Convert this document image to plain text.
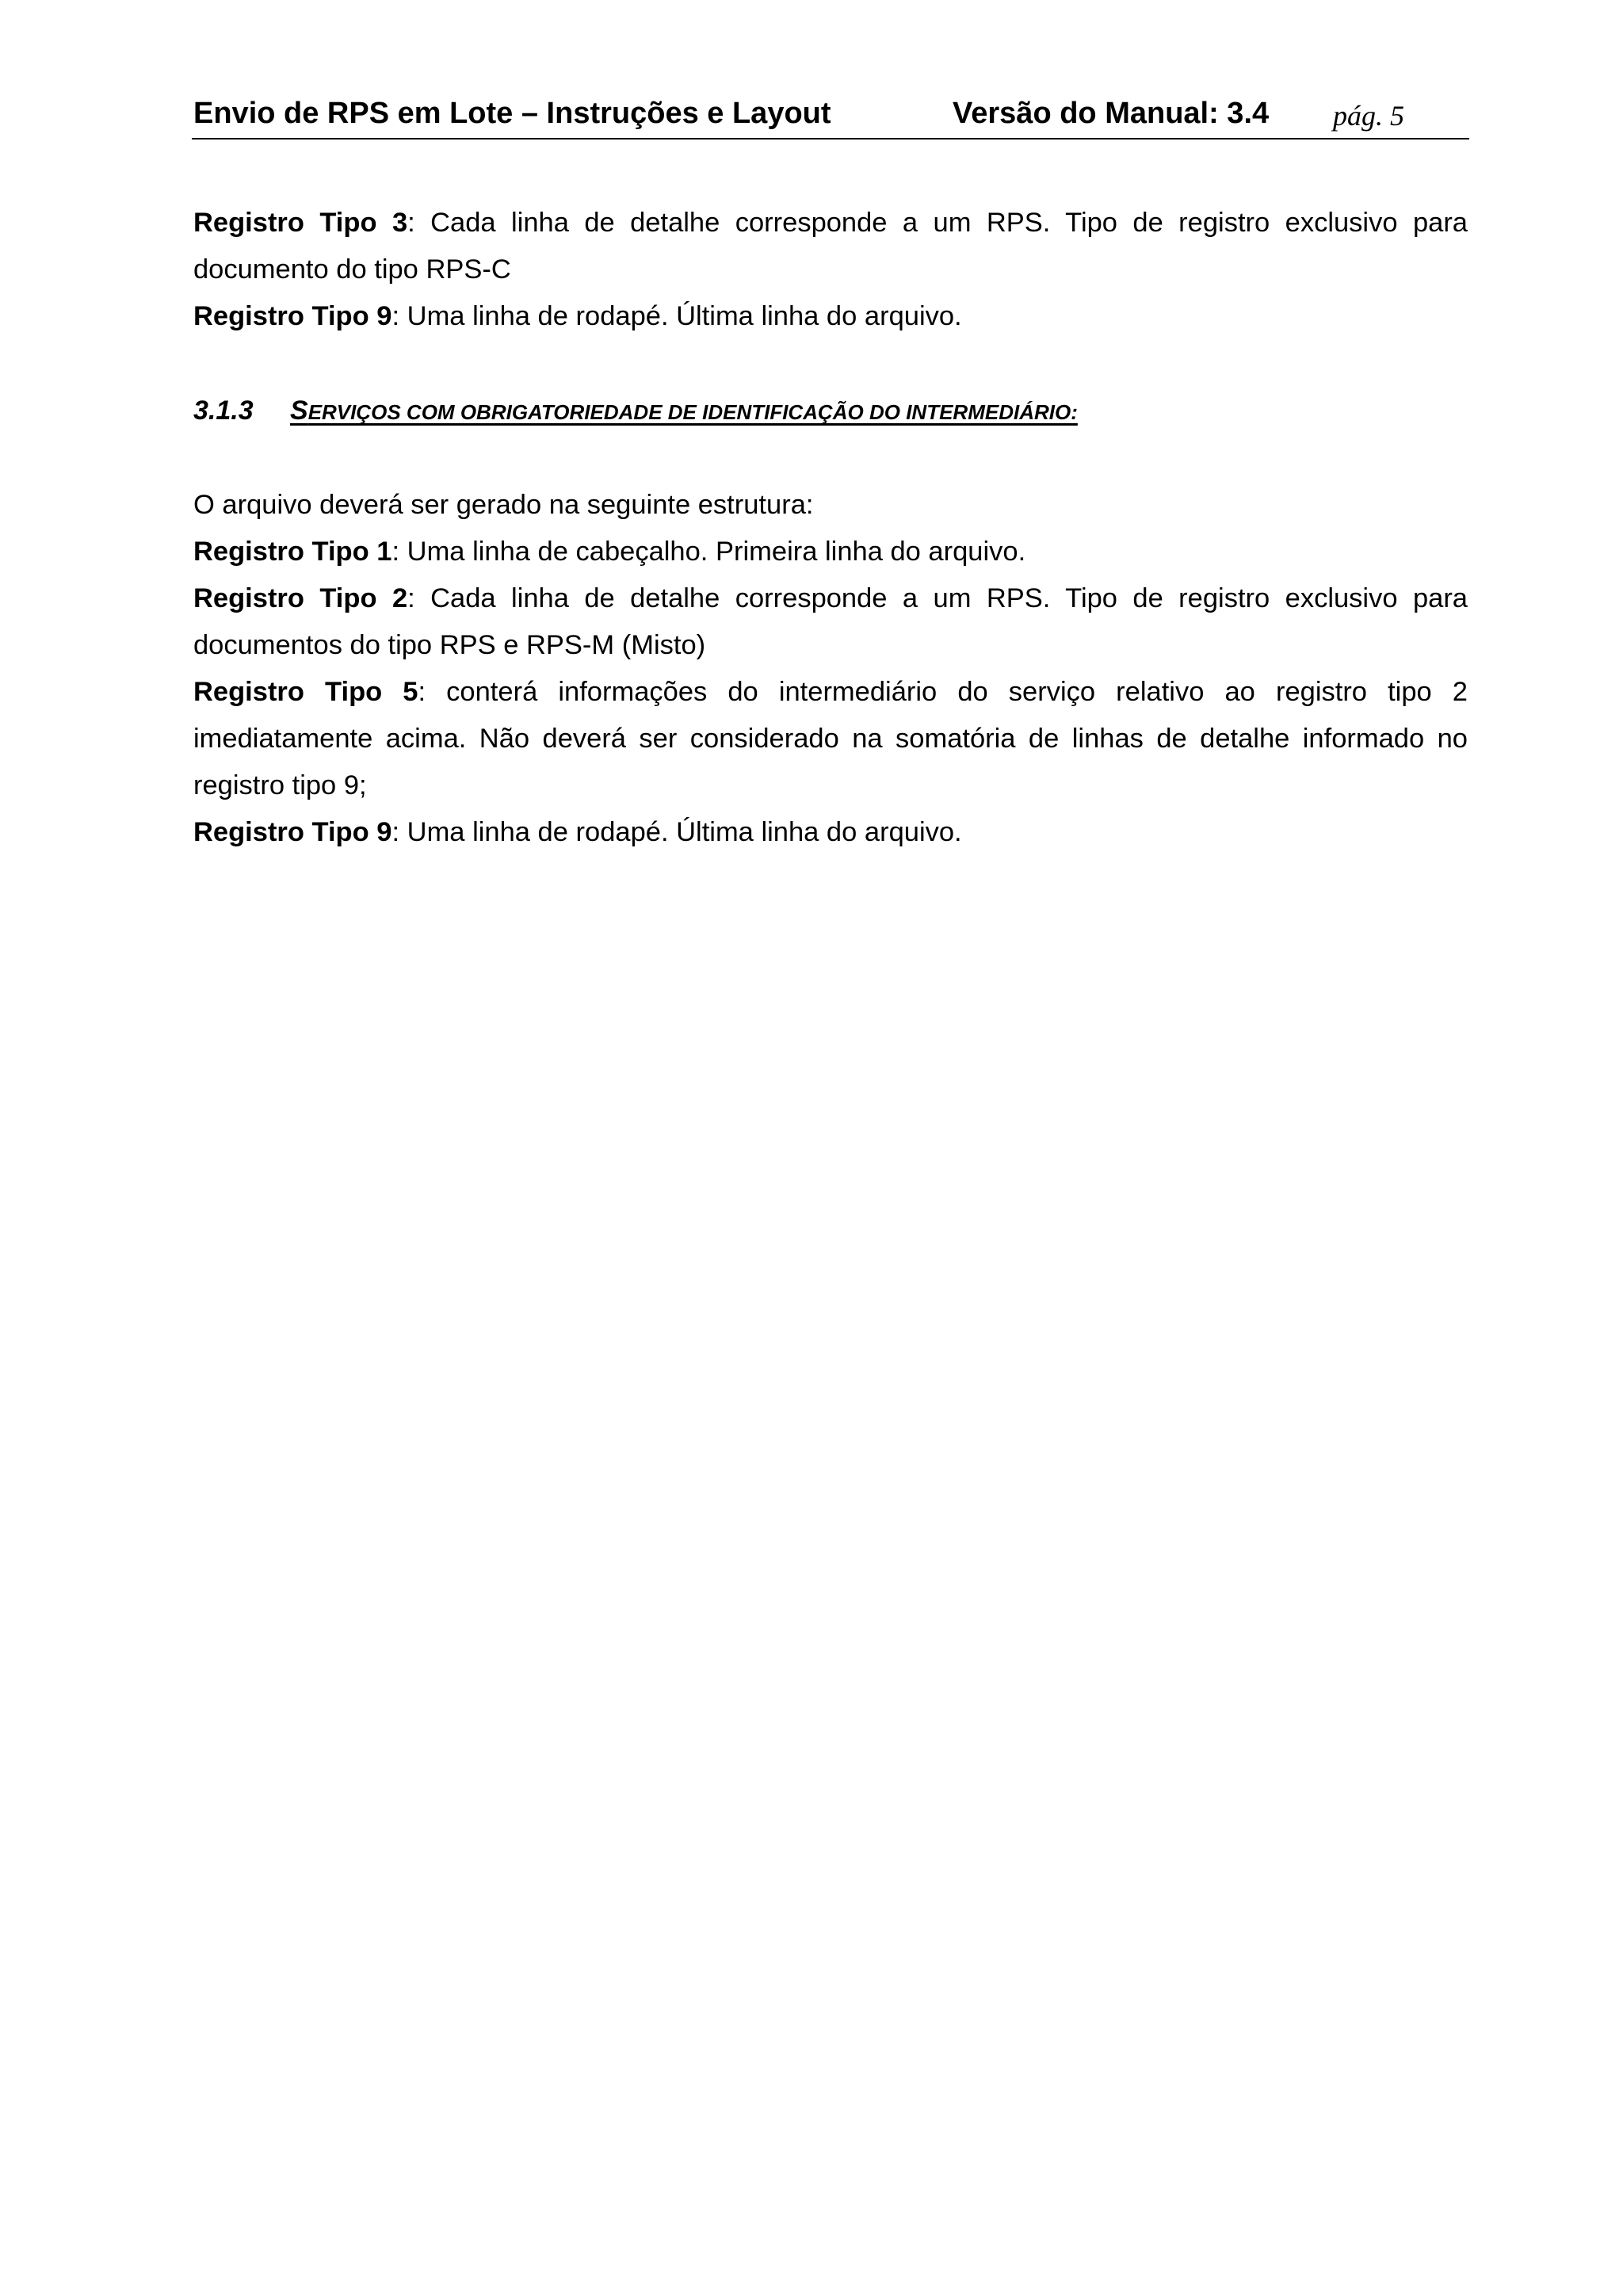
Envio de RPS em Lote – Instruções e Layout	Versão do Manual: 3.4 pág. 5

Registro Tipo 3: Cada linha de detalhe corresponde a um RPS. Tipo de registro exclusivo para documento do tipo RPS-C

Registro Tipo 9: Uma linha de rodapé. Última linha do arquivo.

3.1.3 SERVIÇOS COM OBRIGATORIEDADE DE IDENTIFICAÇÃO DO INTERMEDIÁRIO:

O arquivo deverá ser gerado na seguinte estrutura:

Registro Tipo 1: Uma linha de cabeçalho. Primeira linha do arquivo.

Registro Tipo 2: Cada linha de detalhe corresponde a um RPS. Tipo de registro exclusivo para documentos do tipo RPS e RPS-M (Misto)

Registro Tipo 5: conterá informações do intermediário do serviço relativo ao registro tipo 2 imediatamente acima. Não deverá ser considerado na somatória de linhas de detalhe informado no registro tipo 9;

Registro Tipo 9: Uma linha de rodapé. Última linha do arquivo.
